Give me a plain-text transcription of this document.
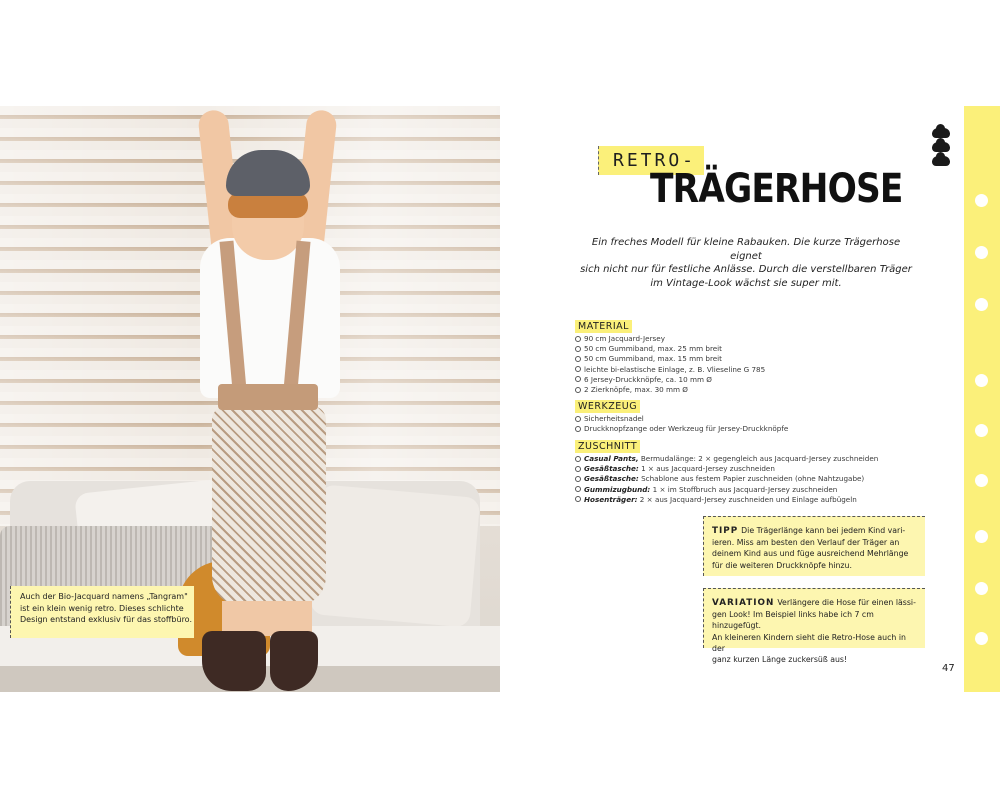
Auch der Bio-Jacquard namens „Tangram"

ist ein klein wenig retro. Dieses schlichte

Design entstand exklusiv für das stoffbüro.

RETRO-
TRÄGERHOSE

Ein freches Modell für kleine Rabauken. Die kurze Trägerhose eignet

sich nicht nur für festliche Anlässe. Durch die verstellbaren Träger

im Vintage-Look wächst sie super mit.

MATERIAL
90 cm Jacquard-Jersey
50 cm Gummiband, max. 25 mm breit
50 cm Gummiband, max. 15 mm breit
leichte bi-elastische Einlage, z. B. Vlieseline G 785
6 Jersey-Druckknöpfe, ca. 10 mm Ø
2 Zierknöpfe, max. 30 mm Ø
WERKZEUG
Sicherheitsnadel
Druckknopfzange oder Werkzeug für Jersey-Druckknöpfe
ZUSCHNITT
Casual Pants, Bermudalänge: 2 × gegengleich aus Jacquard-Jersey zuschneiden
Gesäßtasche: 1 × aus Jacquard-Jersey zuschneiden
Gesäßtasche: Schablone aus festem Papier zuschneiden (ohne Nahtzugabe)
Gummizugbund: 1 × im Stoffbruch aus Jacquard-Jersey zuschneiden
Hosenträger: 2 × aus Jacquard-Jersey zuschneiden und Einlage aufbügeln

TIPP Die Trägerlänge kann bei jedem Kind vari-

ieren. Miss am besten den Verlauf der Träger an

deinem Kind aus und füge ausreichend Mehrlänge

für die weiteren Druckknöpfe hinzu.

VARIATION Verlängere die Hose für einen lässi-

gen Look! Im Beispiel links habe ich 7 cm hinzugefügt.

An kleineren Kindern sieht die Retro-Hose auch in der

ganz kurzen Länge zuckersüß aus!

47
